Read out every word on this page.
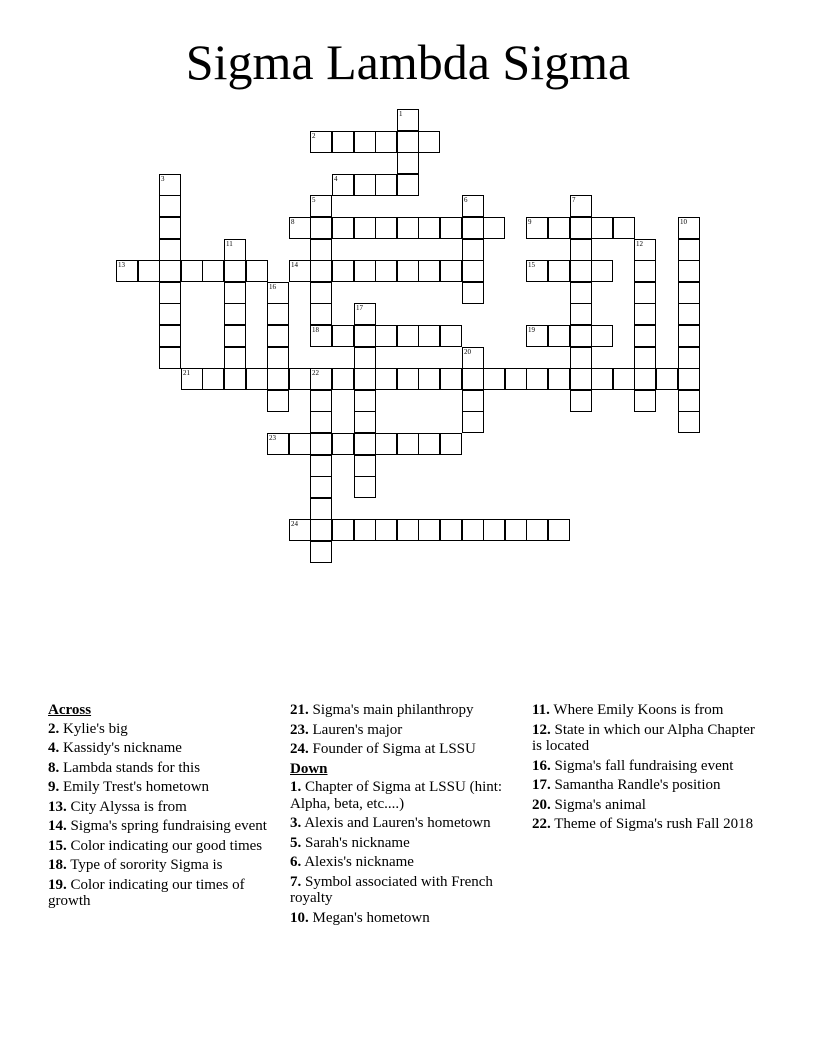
Sigma Lambda Sigma
2
4
8	9
13	14	15
18	19
21	22
23
24
1
3
5	6	7
10
11	12
16
17
20
Across
2. Kylie's big
4. Kassidy's nickname
8. Lambda stands for this
9. Emily Trest's hometown
13. City Alyssa is from
14. Sigma's spring fundraising event
15. Color indicating our good times
18. Type of sorority Sigma is
19. Color indicating our times of growth
21. Sigma's main philanthropy
23. Lauren's major
24. Founder of Sigma at LSSU
Down
1. Chapter of Sigma at LSSU (hint: Alpha, beta, etc....)
3. Alexis and Lauren's hometown
5. Sarah's nickname
6. Alexis's nickname
7. Symbol associated with French royalty
10. Megan's hometown
11. Where Emily Koons is from
12. State in which our Alpha Chapter is located
16. Sigma's fall fundraising event
17. Samantha Randle's position
20. Sigma's animal
22. Theme of Sigma's rush Fall 2018
